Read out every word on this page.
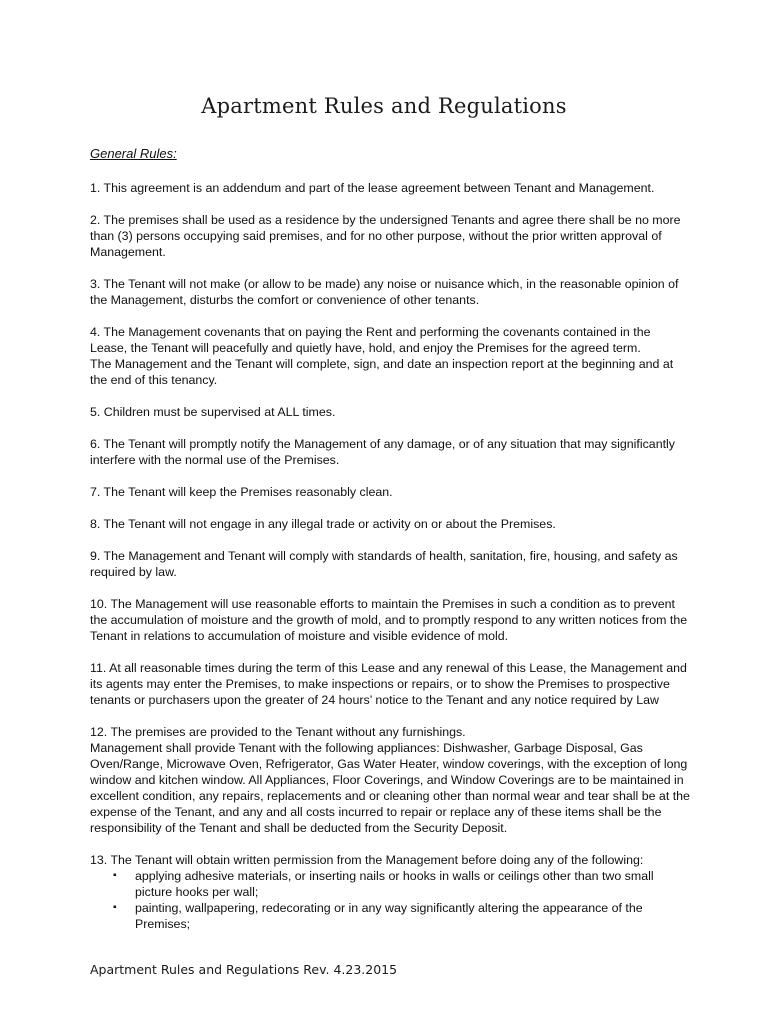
Apartment Rules and Regulations
General Rules:

1. This agreement is an addendum and part of the lease agreement between Tenant and Management.

2. The premises shall be used as a residence by the undersigned Tenants and agree there shall be no more than (3) persons occupying said premises, and for no other purpose, without the prior written approval of Management.

3. The Tenant will not make (or allow to be made) any noise or nuisance which, in the reasonable opinion of the Management, disturbs the comfort or convenience of other tenants.

4. The Management covenants that on paying the Rent and performing the covenants contained in the Lease, the Tenant will peacefully and quietly have, hold, and enjoy the Premises for the agreed term.

The Management and the Tenant will complete, sign, and date an inspection report at the beginning and at the end of this tenancy.

5. Children must be supervised at ALL times.

6. The Tenant will promptly notify the Management of any damage, or of any situation that may significantly interfere with the normal use of the Premises.

7. The Tenant will keep the Premises reasonably clean.

8. The Tenant will not engage in any illegal trade or activity on or about the Premises.

9. The Management and Tenant will comply with standards of health, sanitation, fire, housing, and safety as required by law.

10. The Management will use reasonable efforts to maintain the Premises in such a condition as to prevent the accumulation of moisture and the growth of mold, and to promptly respond to any written notices from the Tenant in relations to accumulation of moisture and visible evidence of mold.

11. At all reasonable times during the term of this Lease and any renewal of this Lease, the Management and its agents may enter the Premises, to make inspections or repairs, or to show the Premises to prospective tenants or purchasers upon the greater of 24 hours’ notice to the Tenant and any notice required by Law

12. The premises are provided to the Tenant without any furnishings.

Management shall provide Tenant with the following appliances: Dishwasher, Garbage Disposal, Gas Oven/Range, Microwave Oven, Refrigerator, Gas Water Heater, window coverings, with the exception of long window and kitchen window. All Appliances, Floor Coverings, and Window Coverings are to be maintained in excellent condition, any repairs, replacements and or cleaning other than normal wear and tear shall be at the expense of the Tenant, and any and all costs incurred to repair or replace any of these items shall be the responsibility of the Tenant and shall be deducted from the Security Deposit.

13. The Tenant will obtain written permission from the Management before doing any of the following:

▪ applying adhesive materials, or inserting nails or hooks in walls or ceilings other than two small picture hooks per wall;
▪ painting, wallpapering, redecorating or in any way significantly altering the appearance of the Premises;
Apartment Rules and Regulations Rev. 4.23.2015
